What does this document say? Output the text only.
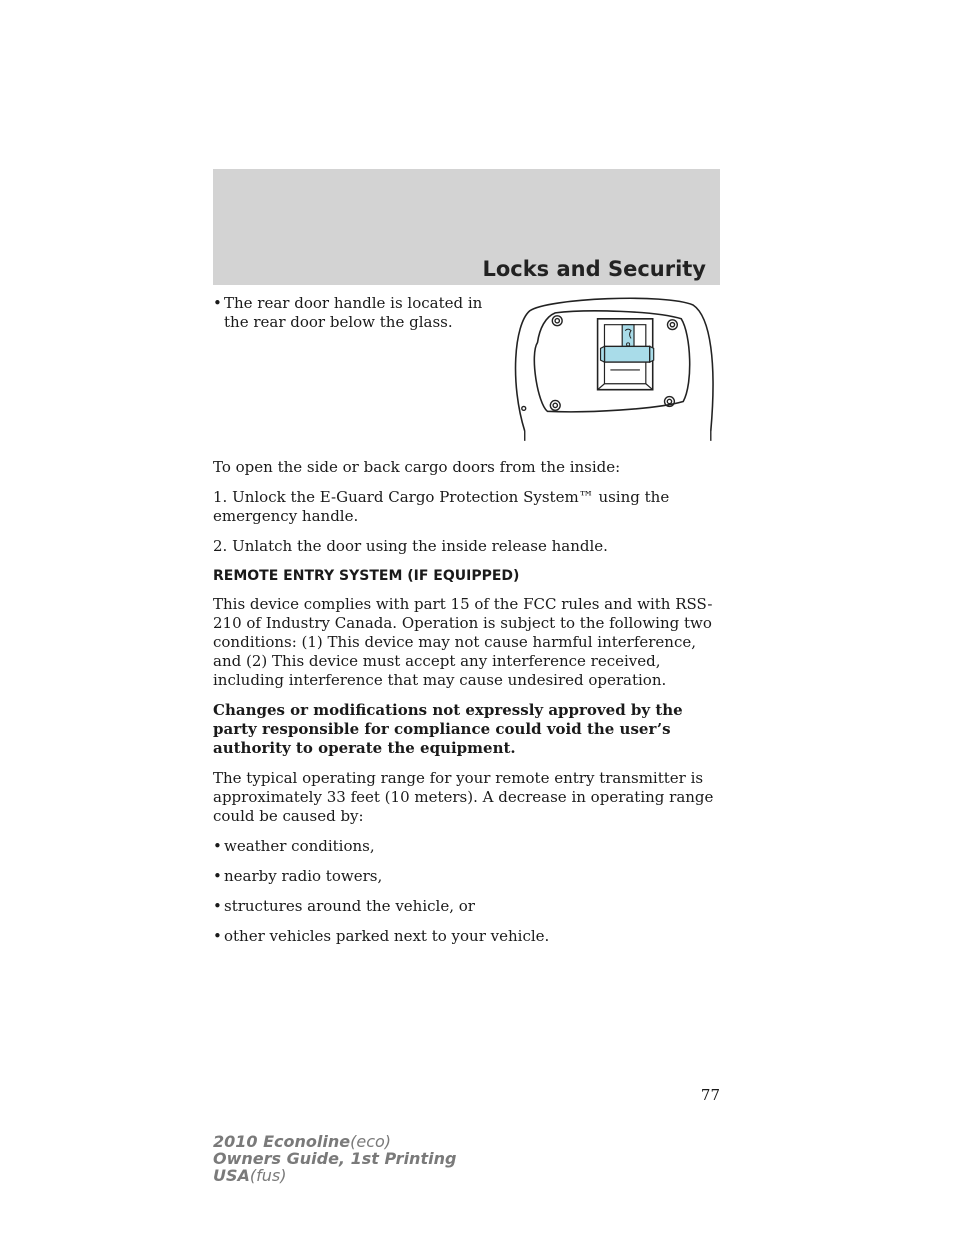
Locks and Security
• The rear door handle is located in the rear door below the glass.

To open the side or back cargo doors from the inside:

1. Unlock the E-Guard Cargo Protection System™ using the emergency handle.

2. Unlatch the door using the inside release handle.

REMOTE ENTRY SYSTEM (IF EQUIPPED)

This device complies with part 15 of the FCC rules and with RSS-210 of Industry Canada. Operation is subject to the following two conditions: (1) This device may not cause harmful interference, and (2) This device must accept any interference received, including interference that may cause undesired operation.

Changes or modifications not expressly approved by the party responsible for compliance could void the user’s authority to operate the equipment.

The typical operating range for your remote entry transmitter is approximately 33 feet (10 meters). A decrease in operating range could be caused by:

• weather conditions,
• nearby radio towers,
• structures around the vehicle, or
• other vehicles parked next to your vehicle.
77
2010 Econoline(eco)
Owners Guide, 1st Printing
USA(fus)
